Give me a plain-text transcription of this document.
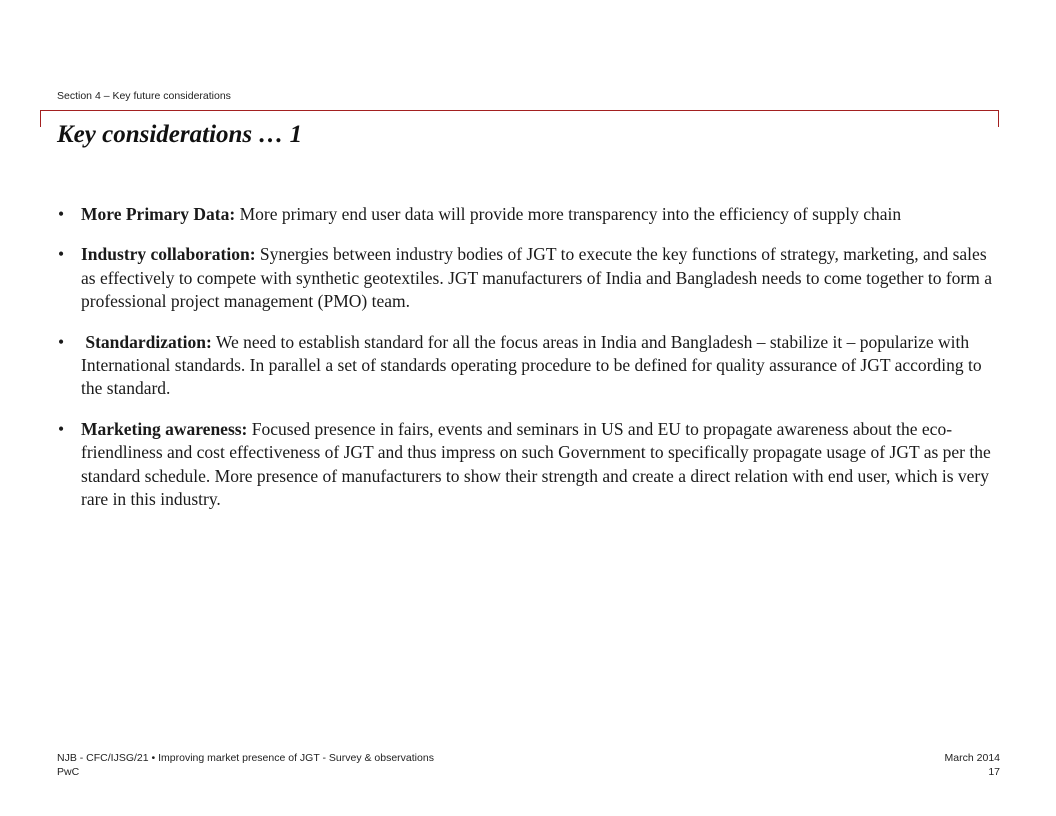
Section 4 – Key future considerations
Key considerations … 1
• More Primary Data: More primary end user data will provide more transparency into the efficiency of supply chain
• Industry collaboration: Synergies between industry bodies of JGT to execute the key functions of strategy, marketing, and sales as effectively to compete with synthetic geotextiles. JGT manufacturers of India and Bangladesh needs to come together to form a professional project management (PMO) team.
• Standardization: We need to establish standard for all the focus areas in India and Bangladesh – stabilize it – popularize with International standards. In parallel a set of standards operating procedure to be defined for quality assurance of JGT according to the standard.
• Marketing awareness: Focused presence in fairs, events and seminars in US and EU to propagate awareness about the eco-friendliness and cost effectiveness of JGT and thus impress on such Government to specifically propagate usage of JGT as per the standard schedule. More presence of manufacturers to show their strength and create a direct relation with end user, which is very rare in this industry.
NJB - CFC/IJSG/21 • Improving market presence of JGT - Survey & observations
PwC
March 2014
17
